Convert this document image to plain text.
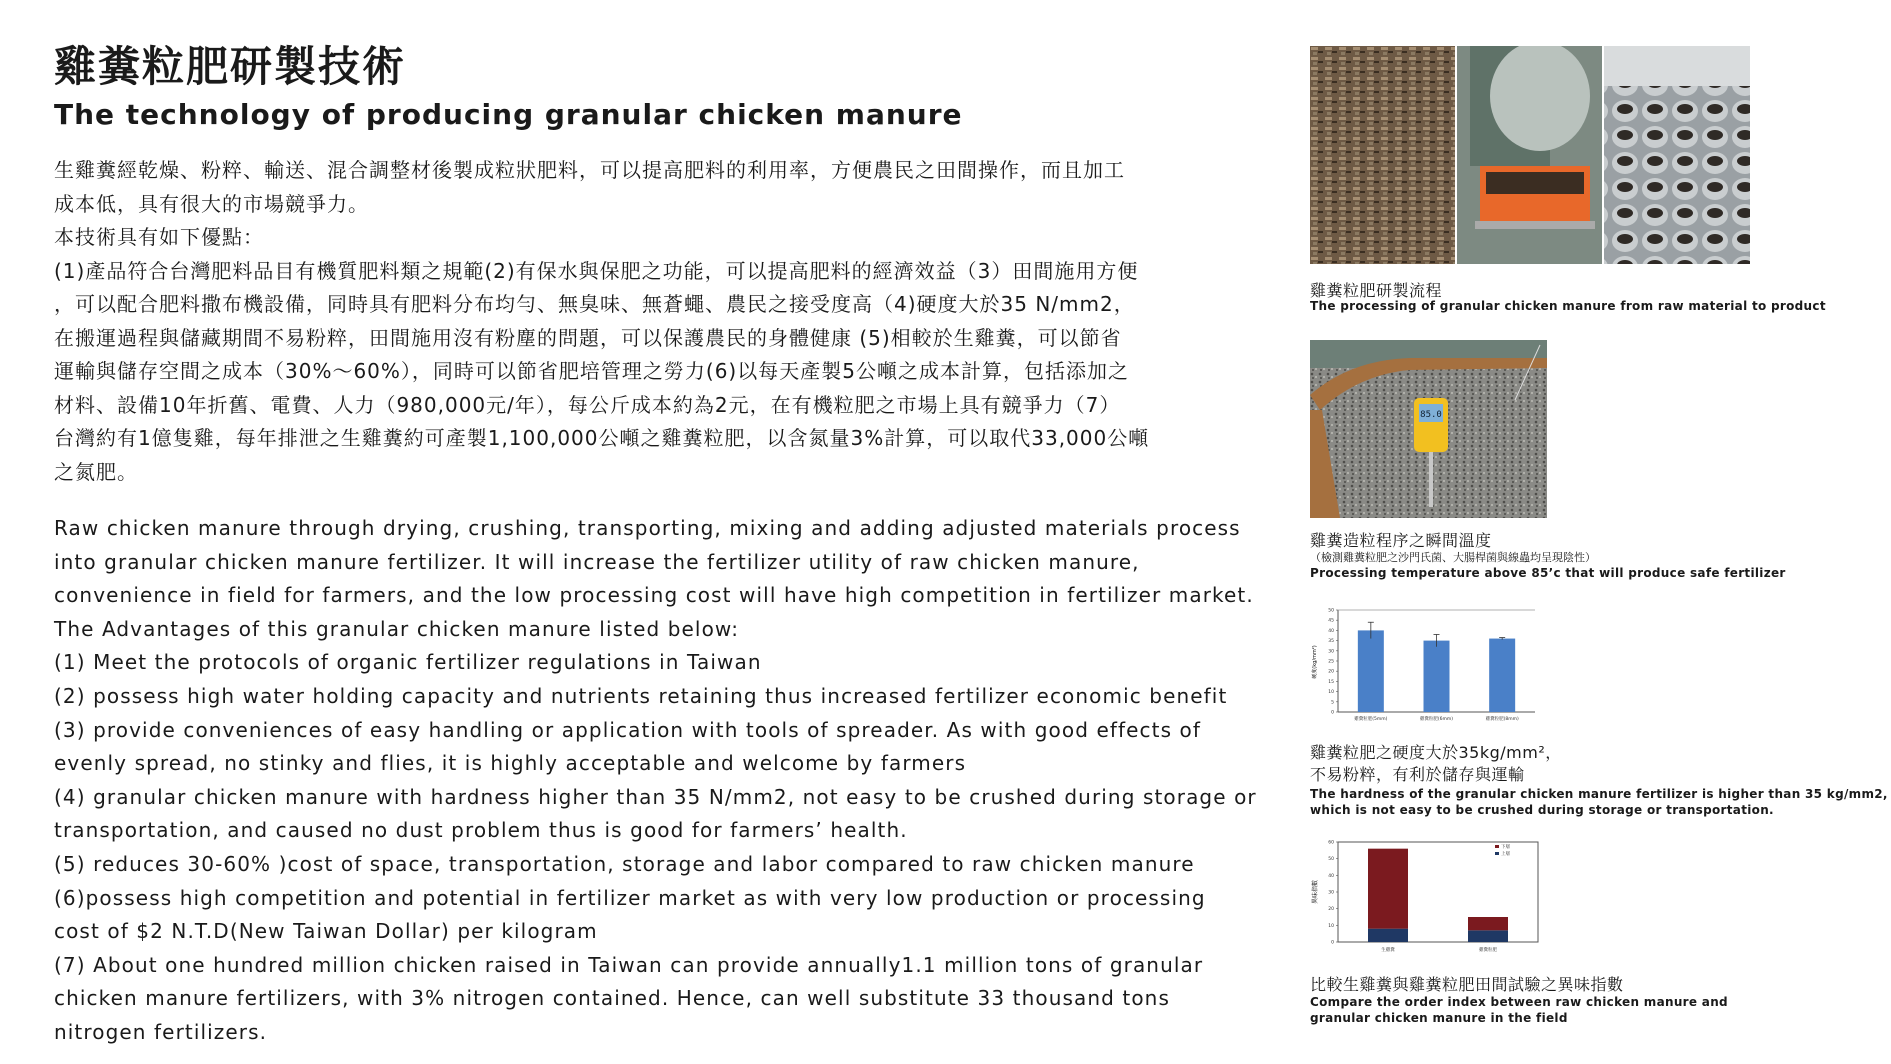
雞糞粒肥研製技術
The technology of producing granular chicken manure

生雞糞經乾燥、粉粹、輸送、混合調整材後製成粒狀肥料，可以提高肥料的利用率，方便農民之田間操作，而且加工

成本低，具有很大的市場競爭力。

本技術具有如下優點：

(1)產品符合台灣肥料品目有機質肥料類之規範(2)有保水與保肥之功能，可以提高肥料的經濟效益（3）田間施用方便

，可以配合肥料撒布機設備，同時具有肥料分布均勻、無臭味、無蒼蠅、農民之接受度高（4)硬度大於35 N/mm2，

在搬運過程與儲藏期間不易粉粹，田間施用沒有粉塵的問題，可以保護農民的身體健康 (5)相較於生雞糞，可以節省

運輸與儲存空間之成本（30%～60%），同時可以節省肥培管理之勞力(6)以每天產製5公噸之成本計算，包括添加之

材料、設備10年折舊、電費、人力（980,000元/年），每公斤成本約為2元，在有機粒肥之市場上具有競爭力（7）

台灣約有1億隻雞，每年排泄之生雞糞約可產製1,100,000公噸之雞糞粒肥，以含氮量3%計算，可以取代33,000公噸

之氮肥。

Raw chicken manure through drying, crushing, transporting, mixing and adding adjusted materials process

into granular chicken manure fertilizer. It will increase the fertilizer utility of raw chicken manure,

convenience in field for farmers, and the low processing cost will have high competition in fertilizer market.

The Advantages of this granular chicken manure listed below:

(1) Meet the protocols of organic fertilizer regulations in Taiwan

(2) possess high water holding capacity and nutrients retaining thus increased fertilizer economic benefit

(3) provide conveniences of easy handling or application with tools of spreader. As with good effects of

evenly spread, no stinky and flies, it is highly acceptable and welcome by farmers

(4) granular chicken manure with hardness higher than 35 N/mm2, not easy to be crushed during storage or

transportation, and caused no dust problem thus is good for farmers’ health.

(5) reduces 30-60% )cost of space, transportation, storage and labor compared to raw chicken manure

(6)possess high competition and potential in fertilizer market as with very low production or processing

cost of $2 N.T.D(New Taiwan Dollar) per kilogram

(7) About one hundred million chicken raised in Taiwan can provide annually1.1 million tons of granular

chicken manure fertilizers, with 3% nitrogen contained. Hence, can well substitute 33 thousand tons

nitrogen fertilizers.

雞糞粒肥研製流程
The processing of granular chicken manure from raw material to product
85.0
雞糞造粒程序之瞬間溫度
（檢測雞糞粒肥之沙門氏菌、大腸桿菌與線蟲均呈現陰性）
Processing temperature above 85’c that will produce safe fertilizer
硬度(kg/mm²)
0
5
10
15
20
25
30
35
40
45
50
雞糞粒肥(5mm)	雞糞粒肥(6mm)	雞糞粒肥(8mm)
雞糞粒肥之硬度大於35kg/mm²，
不易粉粹，有利於儲存與運輸
The hardness of the granular chicken manure fertilizer is higher than 35 kg/mm2,
which is not easy to be crushed during storage or transportation.
異味指數
0
10
20
30
40
50
60
生雞糞	雞糞粒肥
下層
上層
比較生雞糞與雞糞粒肥田間試驗之異味指數
Compare the order index between raw chicken manure and
granular chicken manure in the field
